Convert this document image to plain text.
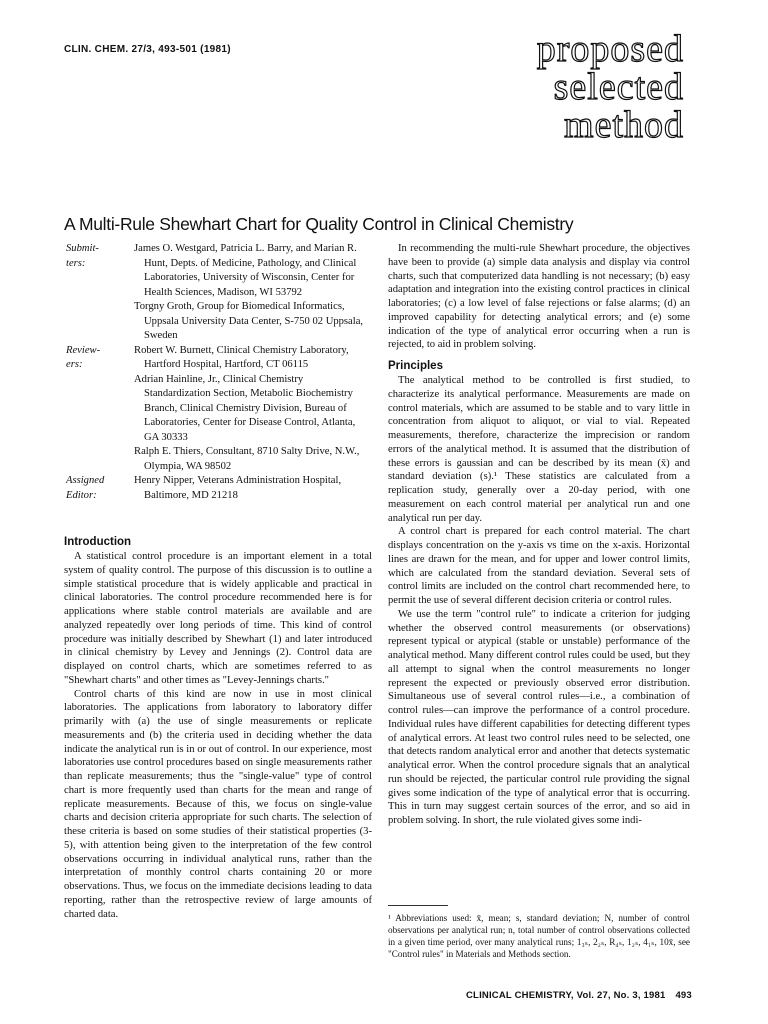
CLIN. CHEM. 27/3, 493-501 (1981)	proposed
selected
method
A Multi-Rule Shewhart Chart for Quality Control in Clinical Chemistry
Submit-
ters:
James O. Westgard, Patricia L. Barry, and Marian R. Hunt, Depts. of Medicine, Pathology, and Clinical Laboratories, University of Wisconsin, Center for Health Sciences, Madison, WI 53792
Torgny Groth, Group for Biomedical Informatics, Uppsala University Data Center, S-750 02 Uppsala, Sweden
Review-
ers:
Robert W. Burnett, Clinical Chemistry Laboratory, Hartford Hospital, Hartford, CT 06115
Adrian Hainline, Jr., Clinical Chemistry Standardization Section, Metabolic Biochemistry Branch, Clinical Chemistry Division, Bureau of Laboratories, Center for Disease Control, Atlanta, GA 30333
Ralph E. Thiers, Consultant, 8710 Salty Drive, N.W., Olympia, WA 98502
Assigned
Editor:
Henry Nipper, Veterans Administration Hospital, Baltimore, MD 21218
Introduction

A statistical control procedure is an important element in a total system of quality control. The purpose of this discussion is to outline a simple statistical procedure that is widely applicable and practical in clinical laboratories. The control procedure recommended here is for applications where stable control materials are available and are analyzed repeatedly over long periods of time. This kind of control procedure was initially described by Shewhart (1) and later introduced in clinical chemistry by Levey and Jennings (2). Control data are displayed on control charts, which are sometimes referred to as "Shewhart charts" and other times as "Levey-Jennings charts."

Control charts of this kind are now in use in most clinical laboratories. The applications from laboratory to laboratory differ primarily with (a) the use of single measurements or replicate measurements and (b) the criteria used in deciding whether the data indicate the analytical run is in or out of control. In our experience, most laboratories use control procedures based on single measurements rather than replicate measurements; thus the "single-value" type of control chart is more frequently used than charts for the mean and range of replicate measurements. Because of this, we focus on single-value charts and decision criteria appropriate for such charts. The selection of these criteria is based on some studies of their statistical properties (3-5), with attention being given to the interpretation of the few control observations occurring in individual analytical runs, rather than the interpretation of monthly control charts containing 20 or more observations. Thus, we focus on the immediate decisions leading to data reporting, rather than the retrospective review of large amounts of charted data.

In recommending the multi-rule Shewhart procedure, the objectives have been to provide (a) simple data analysis and display via control charts, such that computerized data handling is not necessary; (b) easy adaptation and integration into the existing control practices in clinical laboratories; (c) a low level of false rejections or false alarms; (d) an improved capability for detecting analytical errors; and (e) some indication of the type of analytical error occurring when a run is rejected, to aid in problem solving.

Principles

The analytical method to be controlled is first studied, to characterize its analytical performance. Measurements are made on control materials, which are assumed to be stable and to vary little in concentration from aliquot to aliquot, or vial to vial. Repeated measurements, therefore, characterize the imprecision or random errors of the analytical method. It is assumed that the distribution of these errors is gaussian and can be described by its mean (x̄) and standard deviation (s).¹ These statistics are calculated from a replication study, generally over a 20-day period, with one measurement on each control material per analytical run and one analytical run per day.

A control chart is prepared for each control material. The chart displays concentration on the y-axis vs time on the x-axis. Horizontal lines are drawn for the mean, and for upper and lower control limits, which are calculated from the standard deviation. Several sets of control limits are included on the control chart recommended here, to permit the use of several different decision criteria or control rules.

We use the term "control rule" to indicate a criterion for judging whether the observed control measurements (or observations) represent typical or atypical (stable or unstable) performance of the analytical method. Many different control rules could be used, but they all attempt to signal when the control measurements no longer represent the expected or previously observed error distribution. Simultaneous use of several control rules—i.e., a combination of control rules—can improve the performance of a control procedure. Individual rules have different capabilities for detecting different types of analytical errors. At least two control rules need to be selected, one that detects random analytical error and another that detects systematic analytical error. When the control procedure signals that an analytical run should be rejected, the particular control rule providing the signal gives some indication of the type of analytical error that is occurring. This in turn may suggest certain sources of the error, and so aid in problem solving. In short, the rule violated gives some indi-

¹ Abbreviations used: x̄, mean; s, standard deviation; N, number of control observations per analytical run; n, total number of control observations collected in a given time period, over many analytical runs; 1₃ₛ, 2₂ₛ, R₄ₛ, 1₂ₛ, 4₁ₛ, 10x̄, see "Control rules" in Materials and Methods section.
CLINICAL CHEMISTRY, Vol. 27, No. 3, 1981 493
